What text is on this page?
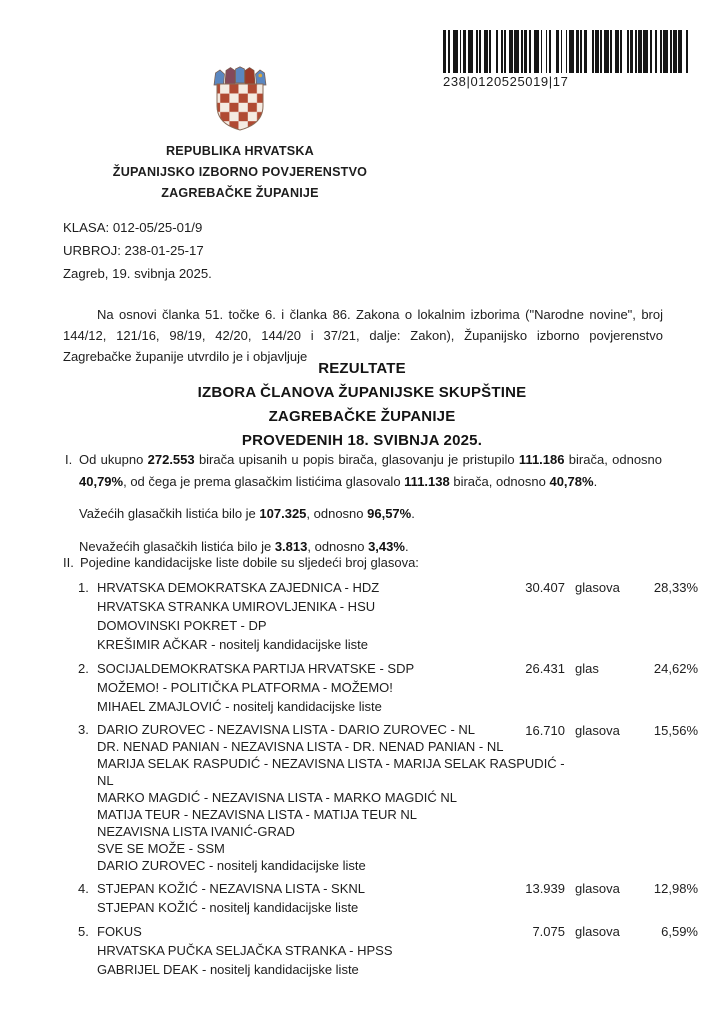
238|0120525019|17
REPUBLIKA HRVATSKA
ŽUPANIJSKO IZBORNO POVJERENSTVO
ZAGREBAČKE ŽUPANIJE
KLASA: 012-05/25-01/9
URBROJ: 238-01-25-17
Zagreb, 19. svibnja 2025.

Na osnovi članka 51. točke 6. i članka 86. Zakona o lokalnim izborima ("Narodne novine", broj 144/12, 121/16, 98/19, 42/20, 144/20 i 37/21, dalje: Zakon), Županijsko izborno povjerenstvo Zagrebačke županije utvrdilo je i objavljuje

REZULTATE
IZBORA ČLANOVA ŽUPANIJSKE SKUPŠTINE
ZAGREBAČKE ŽUPANIJE
PROVEDENIH 18. SVIBNJA 2025.
I. Od ukupno 272.553 birača upisanih u popis birača, glasovanju je pristupilo 111.186 birača, odnosno 40,79%, od čega je prema glasačkim listićima glasovalo 111.138 birača, odnosno 40,78%.
Važećih glasačkih listića bilo je 107.325, odnosno 96,57%.
Nevažećih glasačkih listića bilo je 3.813, odnosno 3,43%.
II. Pojedine kandidacijske liste dobile su sljedeći broj glasova:
1. HRVATSKA DEMOKRATSKA ZAJEDNICA - HDZ
HRVATSKA STRANKA UMIROVLJENIKA - HSU
DOMOVINSKI POKRET - DP
KREŠIMIR AČKAR - nositelj kandidacijske liste
30.407 glasova	28,33%
2. SOCIJALDEMOKRATSKA PARTIJA HRVATSKE - SDP
MOŽEMO! - POLITIČKA PLATFORMA - MOŽEMO!
MIHAEL ZMAJLOVIĆ - nositelj kandidacijske liste
26.431 glas	24,62%
3. DARIO ZUROVEC - NEZAVISNA LISTA - DARIO ZUROVEC - NL
DR. NENAD PANIAN - NEZAVISNA LISTA - DR. NENAD PANIAN - NL
MARIJA SELAK RASPUDIĆ - NEZAVISNA LISTA - MARIJA SELAK RASPUDIĆ - NL
MARKO MAGDIĆ - NEZAVISNA LISTA - MARKO MAGDIĆ NL
MATIJA TEUR - NEZAVISNA LISTA - MATIJA TEUR NL
NEZAVISNA LISTA IVANIĆ-GRAD
SVE SE MOŽE - SSM
DARIO ZUROVEC - nositelj kandidacijske liste
16.710 glasova	15,56%
4. STJEPAN KOŽIĆ - NEZAVISNA LISTA - SKNL
STJEPAN KOŽIĆ - nositelj kandidacijske liste
13.939 glasova	12,98%
5. FOKUS
HRVATSKA PUČKA SELJAČKA STRANKA - HPSS
GABRIJEL DEAK - nositelj kandidacijske liste
7.075 glasova	6,59%
